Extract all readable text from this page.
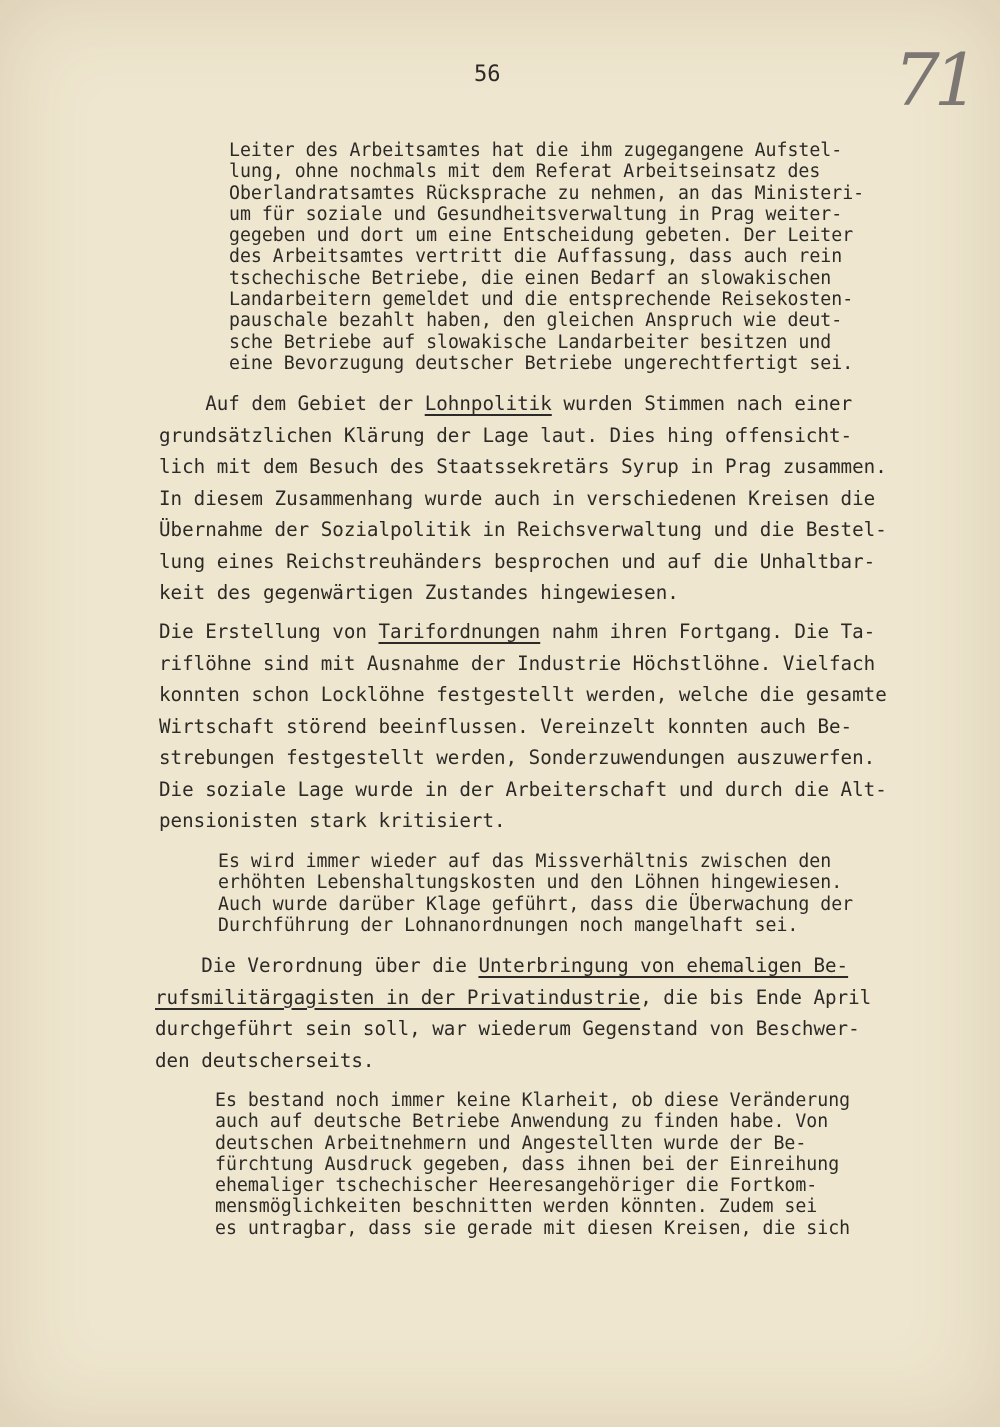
56	71

Leiter des Arbeitsamtes hat die ihm zugegangene Aufstel-
lung, ohne nochmals mit dem Referat Arbeitseinsatz des
Oberlandratsamtes Rücksprache zu nehmen, an das Ministeri-
um für soziale und Gesundheitsverwaltung in Prag weiter-
gegeben und dort um eine Entscheidung gebeten. Der Leiter
des Arbeitsamtes vertritt die Auffassung, dass auch rein
tschechische Betriebe, die einen Bedarf an slowakischen
Landarbeitern gemeldet und die entsprechende Reisekosten-
pauschale bezahlt haben, den gleichen Anspruch wie deut-
sche Betriebe auf slowakische Landarbeiter besitzen und
eine Bevorzugung deutscher Betriebe ungerechtfertigt sei.
Auf dem Gebiet der Lohnpolitik wurden Stimmen nach einer
grundsätzlichen Klärung der Lage laut. Dies hing offensicht-
lich mit dem Besuch des Staatssekretärs Syrup in Prag zusammen.
In diesem Zusammenhang wurde auch in verschiedenen Kreisen die
Übernahme der Sozialpolitik in Reichsverwaltung und die Bestel-
lung eines Reichstreuhänders besprochen und auf die Unhaltbar-
keit des gegenwärtigen Zustandes hingewiesen.
Die Erstellung von Tarifordnungen nahm ihren Fortgang. Die Ta-
riflöhne sind mit Ausnahme der Industrie Höchstlöhne. Vielfach
konnten schon Locklöhne festgestellt werden, welche die gesamte
Wirtschaft störend beeinflussen. Vereinzelt konnten auch Be-
strebungen festgestellt werden, Sonderzuwendungen auszuwerfen.
Die soziale Lage wurde in der Arbeiterschaft und durch die Alt-
pensionisten stark kritisiert.
Es wird immer wieder auf das Missverhältnis zwischen den
erhöhten Lebenshaltungskosten und den Löhnen hingewiesen.
Auch wurde darüber Klage geführt, dass die Überwachung der
Durchführung der Lohnanordnungen noch mangelhaft sei.
Die Verordnung über die Unterbringung von ehemaligen Be-
rufsmilitärgagisten in der Privatindustrie, die bis Ende April
durchgeführt sein soll, war wiederum Gegenstand von Beschwer-
den deutscherseits.
Es bestand noch immer keine Klarheit, ob diese Veränderung
auch auf deutsche Betriebe Anwendung zu finden habe. Von
deutschen Arbeitnehmern und Angestellten wurde der Be-
fürchtung Ausdruck gegeben, dass ihnen bei der Einreihung
ehemaliger tschechischer Heeresangehöriger die Fortkom-
mensmöglichkeiten beschnitten werden könnten. Zudem sei
es untragbar, dass sie gerade mit diesen Kreisen, die sich
